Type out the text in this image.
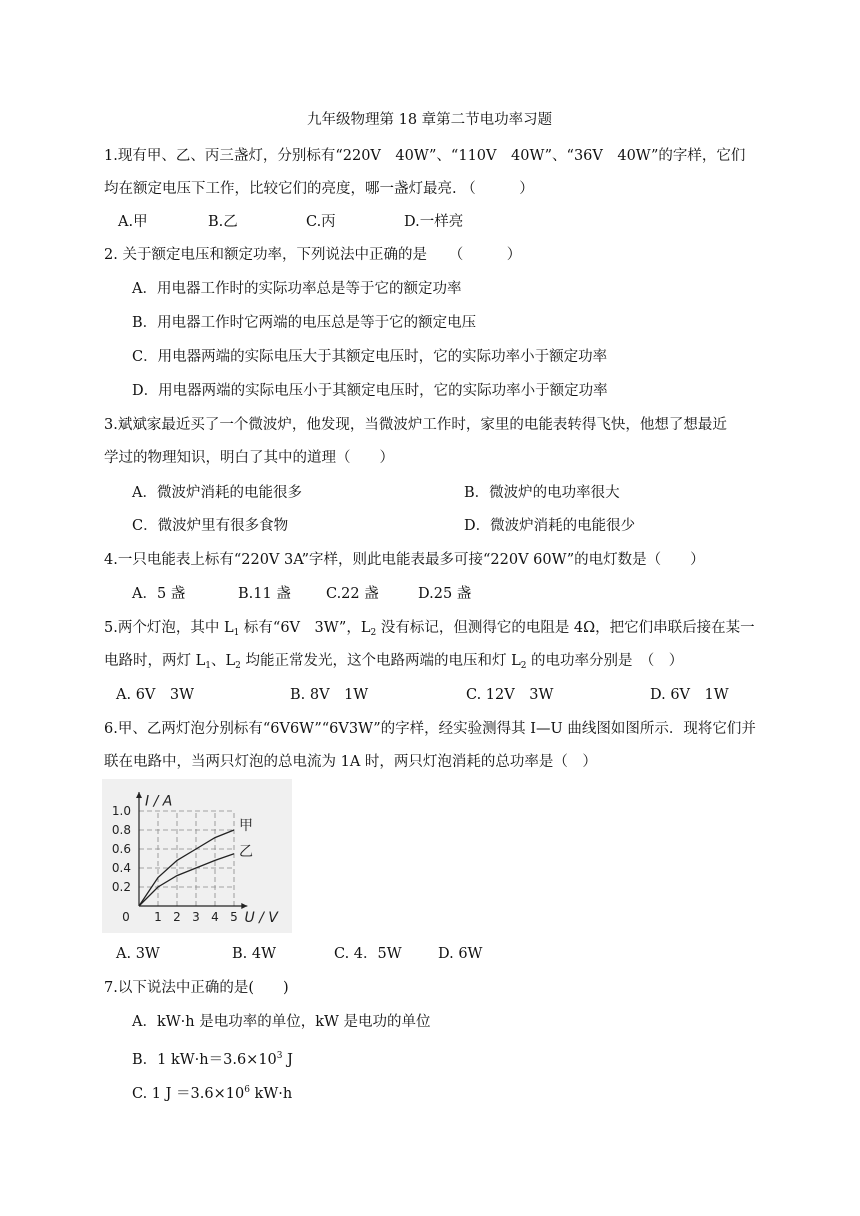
九年级物理第 18 章第二节电功率习题
1.现有甲、乙、丙三盏灯，分别标有“220V　40W”、“110V　40W”、“36V　40W”的字样，它们
均在额定电压下工作，比较它们的亮度，哪一盏灯最亮. （　　　）
A.甲	B.乙	C.丙	D.一样亮
2. 关于额定电压和额定功率，下列说法中正确的是　　（　　　）
A．用电器工作时的实际功率总是等于它的额定功率
B．用电器工作时它两端的电压总是等于它的额定电压
C．用电器两端的实际电压大于其额定电压时，它的实际功率小于额定功率
D．用电器两端的实际电压小于其额定电压时，它的实际功率小于额定功率
3.斌斌家最近买了一个微波炉，他发现，当微波炉工作时，家里的电能表转得飞快，他想了想最近
学过的物理知识，明白了其中的道理（　　）
A．微波炉消耗的电能很多	B．微波炉的电功率很大
C．微波炉里有很多食物	D．微波炉消耗的电能很少
4.一只电能表上标有“220V 3A”字样，则此电能表最多可接“220V 60W”的电灯数是（　　）
A．5 盏	B.11 盏 C.22 盏	D.25 盏
5.两个灯泡，其中 $L_1$ 标有“6V　3W”，$L_2$ 没有标记，但测得它的电阻是 4Ω，把它们串联后接在某一
电路时，两灯 $L_1$、$L_2$ 均能正常发光，这个电路两端的电压和灯 $L_2$ 的电功率分别是　（　）
A. 6V　3W	B. 8V　1W	C. 12V　3W	D. 6V　1W
6.甲、乙两灯泡分别标有“6V6W”“6V3W”的字样，经实验测得其 I—U 曲线图如图所示．现将它们并
联在电路中，当两只灯泡的总电流为 1A 时，两只灯泡消耗的总功率是（　）
0 1 2 3 4 5
0.2
0.4
0.6
0.8
1.0
U / V
I / A
甲
乙
A. 3W	B. 4W	C. 4．5W	D. 6W
7.以下说法中正确的是(　　)
A．kW·h 是电功率的单位，kW 是电功的单位
B．1 $kW\cdot h=3.6\times 10^3$ J
C. 1 $J =3.6\times 10^6$ kW·h
